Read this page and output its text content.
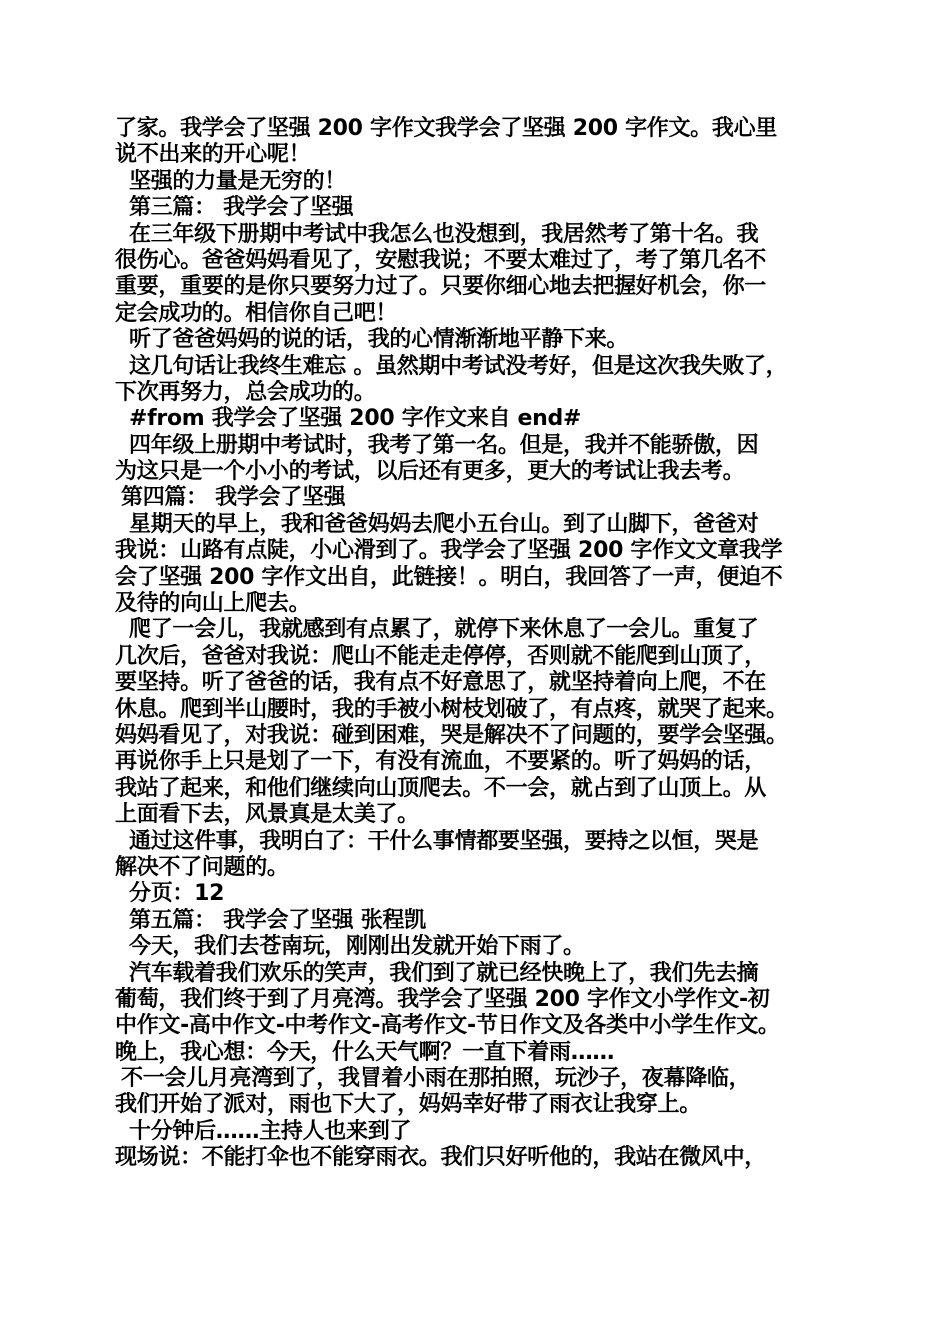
了家。我学会了坚强 200 字作文我学会了坚强 200 字作文。我心里
说不出来的开心呢！
坚强的力量是无穷的！
第三篇： 我学会了坚强
在三年级下册期中考试中我怎么也没想到，我居然考了第十名。我
很伤心。爸爸妈妈看见了，安慰我说；不要太难过了，考了第几名不
重要，重要的是你只要努力过了。只要你细心地去把握好机会，你一
定会成功的。相信你自己吧！
听了爸爸妈妈的说的话，我的心情渐渐地平静下来。
这几句话让我终生难忘 。虽然期中考试没考好，但是这次我失败了，
下次再努力，总会成功的。
#from 我学会了坚强 200 字作文来自 end#
四年级上册期中考试时，我考了第一名。但是，我并不能骄傲，因
为这只是一个小小的考试，以后还有更多，更大的考试让我去考。
第四篇： 我学会了坚强
星期天的早上，我和爸爸妈妈去爬小五台山。到了山脚下，爸爸对
我说：山路有点陡，小心滑到了。我学会了坚强 200 字作文文章我学
会了坚强 200 字作文出自，此链接！。明白，我回答了一声，便迫不
及待的向山上爬去。
爬了一会儿，我就感到有点累了，就停下来休息了一会儿。重复了
几次后，爸爸对我说：爬山不能走走停停，否则就不能爬到山顶了，
要坚持。听了爸爸的话，我有点不好意思了，就坚持着向上爬，不在
休息。爬到半山腰时，我的手被小树枝划破了，有点疼，就哭了起来。
妈妈看见了，对我说：碰到困难，哭是解决不了问题的，要学会坚强。
再说你手上只是划了一下，有没有流血，不要紧的。听了妈妈的话，
我站了起来，和他们继续向山顶爬去。不一会，就占到了山顶上。从
上面看下去，风景真是太美了。
通过这件事，我明白了：干什么事情都要坚强，要持之以恒，哭是
解决不了问题的。
分页：12
第五篇： 我学会了坚强 张程凯
今天，我们去苍南玩，刚刚出发就开始下雨了。
汽车载着我们欢乐的笑声，我们到了就已经快晚上了，我们先去摘
葡萄，我们终于到了月亮湾。我学会了坚强 200 字作文小学作文-初
中作文-高中作文-中考作文-高考作文-节日作文及各类中小学生作文。
晚上，我心想：今天，什么天气啊？一直下着雨……
不一会儿月亮湾到了，我冒着小雨在那拍照，玩沙子，夜幕降临，
我们开始了派对，雨也下大了，妈妈幸好带了雨衣让我穿上。
十分钟后……主持人也来到了
现场说：不能打伞也不能穿雨衣。我们只好听他的，我站在微风中，
